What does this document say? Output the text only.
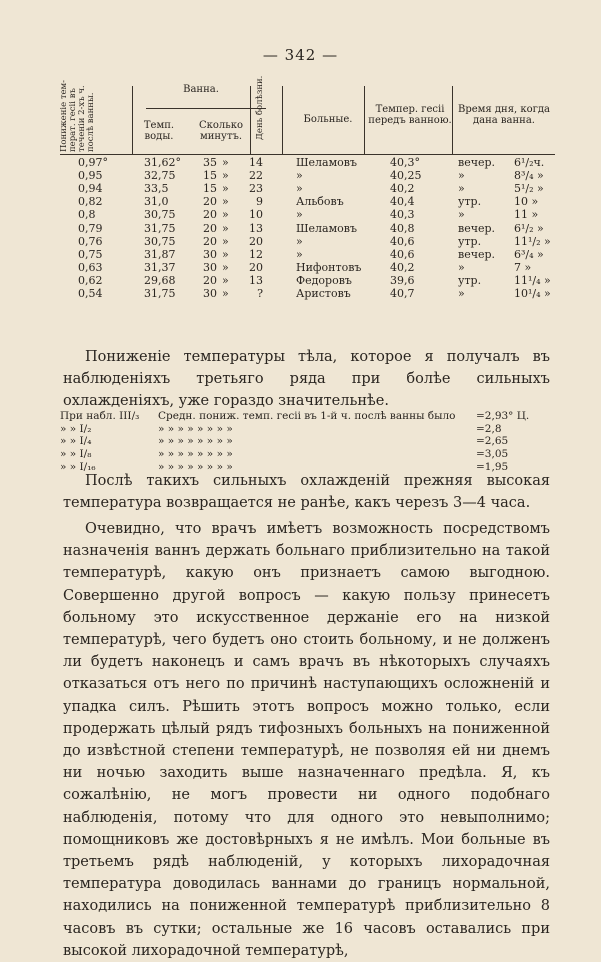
— 342 —
Пониженіе тем- перат. гесіі въ теченіи 2-хъ ч. послѣ ванны.
Ванна.
Темп.
воды.
Сколько
минутъ.	День болѣзни.	Больные.
Темпер. гесіі
передъ ванною.
Время дня, когда
дана ванна.
0,97°	31,62°	35 »	14	Шеламовъ	40,3°	вечер. 6¹/₂ч.
0,95	32,75	15 »	22	»	40,25	»	8³/₄ »
0,94	33,5	15 »	23	»	40,2	»	5¹/₂ »
0,82	31,0	20 »	9	Альбовъ	40,4	утр.	10 »
0,8	30,75	20 »	10	»	40,3	»	11 »
0,79	31,75	20 »	13	Шеламовъ	40,8	вечер. 6¹/₂ »
0,76	30,75	20 »	20	»	40,6	утр.	11¹/₂ »
0,75	31,87	30 »	12	»	40,6	вечер. 6³/₄ »
0,63	31,37	30 »	20	Нифонтовъ	40,2	»	7 »
0,62	29,68	20 »	13	Федоровъ	39,6	утр.	11¹/₄ »
0,54	31,75	30 »	?	Аристовъ	40,7	»	10¹/₄ »

Пониженіе температуры тѣла, которое я получалъ въ наблюденіяхъ третьяго ряда при болѣе сильныхъ охлажденіяхъ, уже гораздо значительнѣе.

При набл. III/₃ Средн. пониж. темп. гесіі въ 1-й ч. послѣ ванны было =2,93° Ц.
» » I/₂	» » » » » » » »	=2,8
» » I/₄	» » » » » » » »	=2,65
» » I/₈	» » » » » » » »	=3,05
» » I/₁₆	» » » » » » » »	=1,95

Послѣ такихъ сильныхъ охлажденій прежняя высокая температура возвращается не ранѣе, какъ черезъ 3—4 часа.

Очевидно, что врачъ имѣетъ возможность посредствомъ назначенія ваннъ держать больнаго приблизительно на такой температурѣ, какую онъ признаетъ самою выгодною. Совершенно другой вопросъ — какую пользу принесетъ больному это искусственное держаніе его на низкой температурѣ, чего будетъ оно стоить больному, и не долженъ ли будетъ наконецъ и самъ врачъ въ нѣкоторыхъ случаяхъ отказаться отъ него по причинѣ наступающихъ осложненій и упадка силъ. Рѣшить этотъ вопросъ можно только, если продержать цѣлый рядъ тифозныхъ больныхъ на пониженной до извѣстной степени температурѣ, не позволяя ей ни днемъ ни ночью заходить выше назначеннаго предѣла. Я, къ сожалѣнію, не могъ провести ни одного подобнаго наблюденія, потому что для одного это невыполнимо; помощниковъ же достовѣрныхъ я не имѣлъ. Мои больные въ третьемъ рядѣ наблюденій, у которыхъ лихорадочная температура доводилась ваннами до границъ нормальной, находились на пониженной температурѣ приблизительно 8 часовъ въ сутки; остальные же 16 часовъ оставались при высокой лихорадочной температурѣ,
